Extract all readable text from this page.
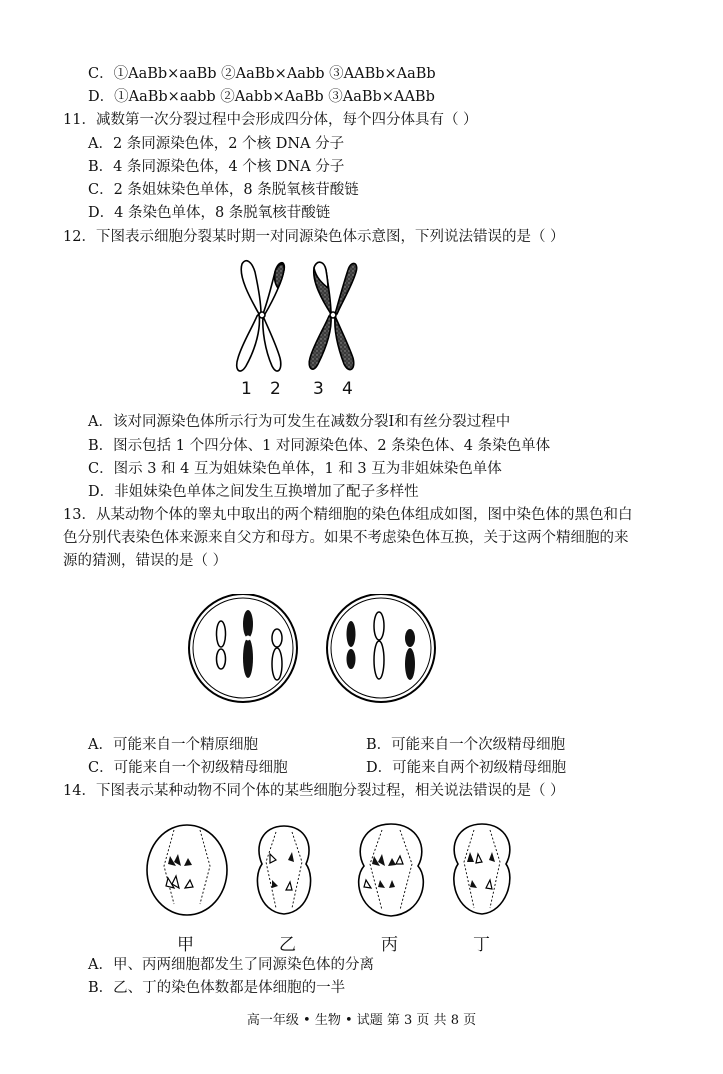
C．①AaBb×aaBb ②AaBb×Aabb ③AABb×AaBb
D．①AaBb×aabb ②Aabb×AaBb ③AaBb×AABb
11．减数第一次分裂过程中会形成四分体，每个四分体具有（ ）
A．2 条同源染色体，2 个核 DNA 分子
B．4 条同源染色体，4 个核 DNA 分子
C．2 条姐妹染色单体，8 条脱氧核苷酸链
D．4 条染色单体，8 条脱氧核苷酸链
12．下图表示细胞分裂某时期一对同源染色体示意图，下列说法错误的是（ ）
1 2 3 4
A．该对同源染色体所示行为可发生在减数分裂Ⅰ和有丝分裂过程中
B．图示包括 1 个四分体、1 对同源染色体、2 条染色体、4 条染色单体
C．图示 3 和 4 互为姐妹染色单体，1 和 3 互为非姐妹染色单体
D．非姐妹染色单体之间发生互换增加了配子多样性
13．从某动物个体的睾丸中取出的两个精细胞的染色体组成如图，图中染色体的黑色和白
色分别代表染色体来源来自父方和母方。如果不考虑染色体互换，关于这两个精细胞的来
源的猜测，错误的是（ ）
A．可能来自一个精原细胞	B．可能来自一个次级精母细胞
C．可能来自一个初级精母细胞	D．可能来自两个初级精母细胞
14．下图表示某种动物不同个体的某些细胞分裂过程，相关说法错误的是（ ）
甲	乙	丙	丁
A．甲、丙两细胞都发生了同源染色体的分离
B．乙、丁的染色体数都是体细胞的一半
高一年级 • 生物 • 试题 第 3 页 共 8 页
